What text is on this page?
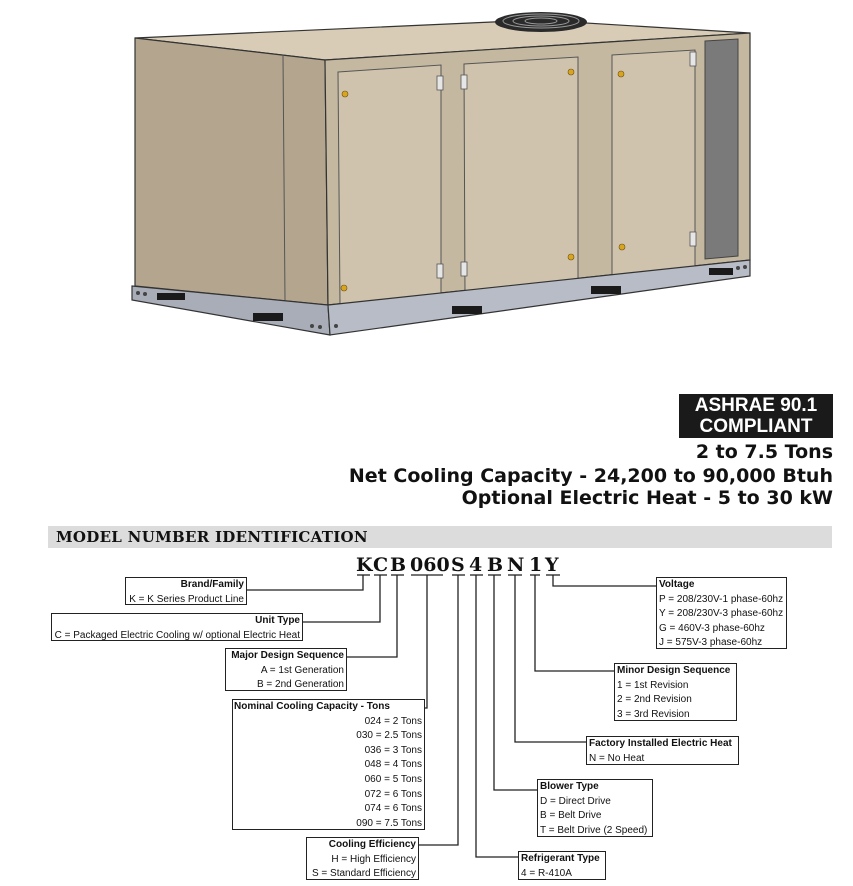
ASHRAE 90.1
COMPLIANT
2 to 7.5 Tons
Net Cooling Capacity - 24,200 to 90,000 Btuh
Optional Electric Heat - 5 to 30 kW
MODEL NUMBER IDENTIFICATION
K C B 060 S 4 B N 1 Y
Brand/Family
K = K Series Product Line
Unit Type
C = Packaged Electric Cooling w/ optional Electric Heat
Major Design Sequence
A = 1st Generation
B = 2nd Generation
Nominal Cooling Capacity - Tons
024 = 2 Tons
030 = 2.5 Tons
036 = 3 Tons
048 = 4 Tons
060 = 5 Tons
072 = 6 Tons
074 = 6 Tons
090 = 7.5 Tons
Cooling Efficiency
H = High Efficiency
S = Standard Efficiency
Voltage
P = 208/230V-1 phase-60hz
Y = 208/230V-3 phase-60hz
G = 460V-3 phase-60hz
J = 575V-3 phase-60hz
Minor Design Sequence
1 = 1st Revision
2 = 2nd Revision
3 = 3rd Revision
Factory Installed Electric Heat
N = No Heat
Blower Type
D = Direct Drive
B = Belt Drive
T = Belt Drive (2 Speed)
Refrigerant Type
4 = R-410A
